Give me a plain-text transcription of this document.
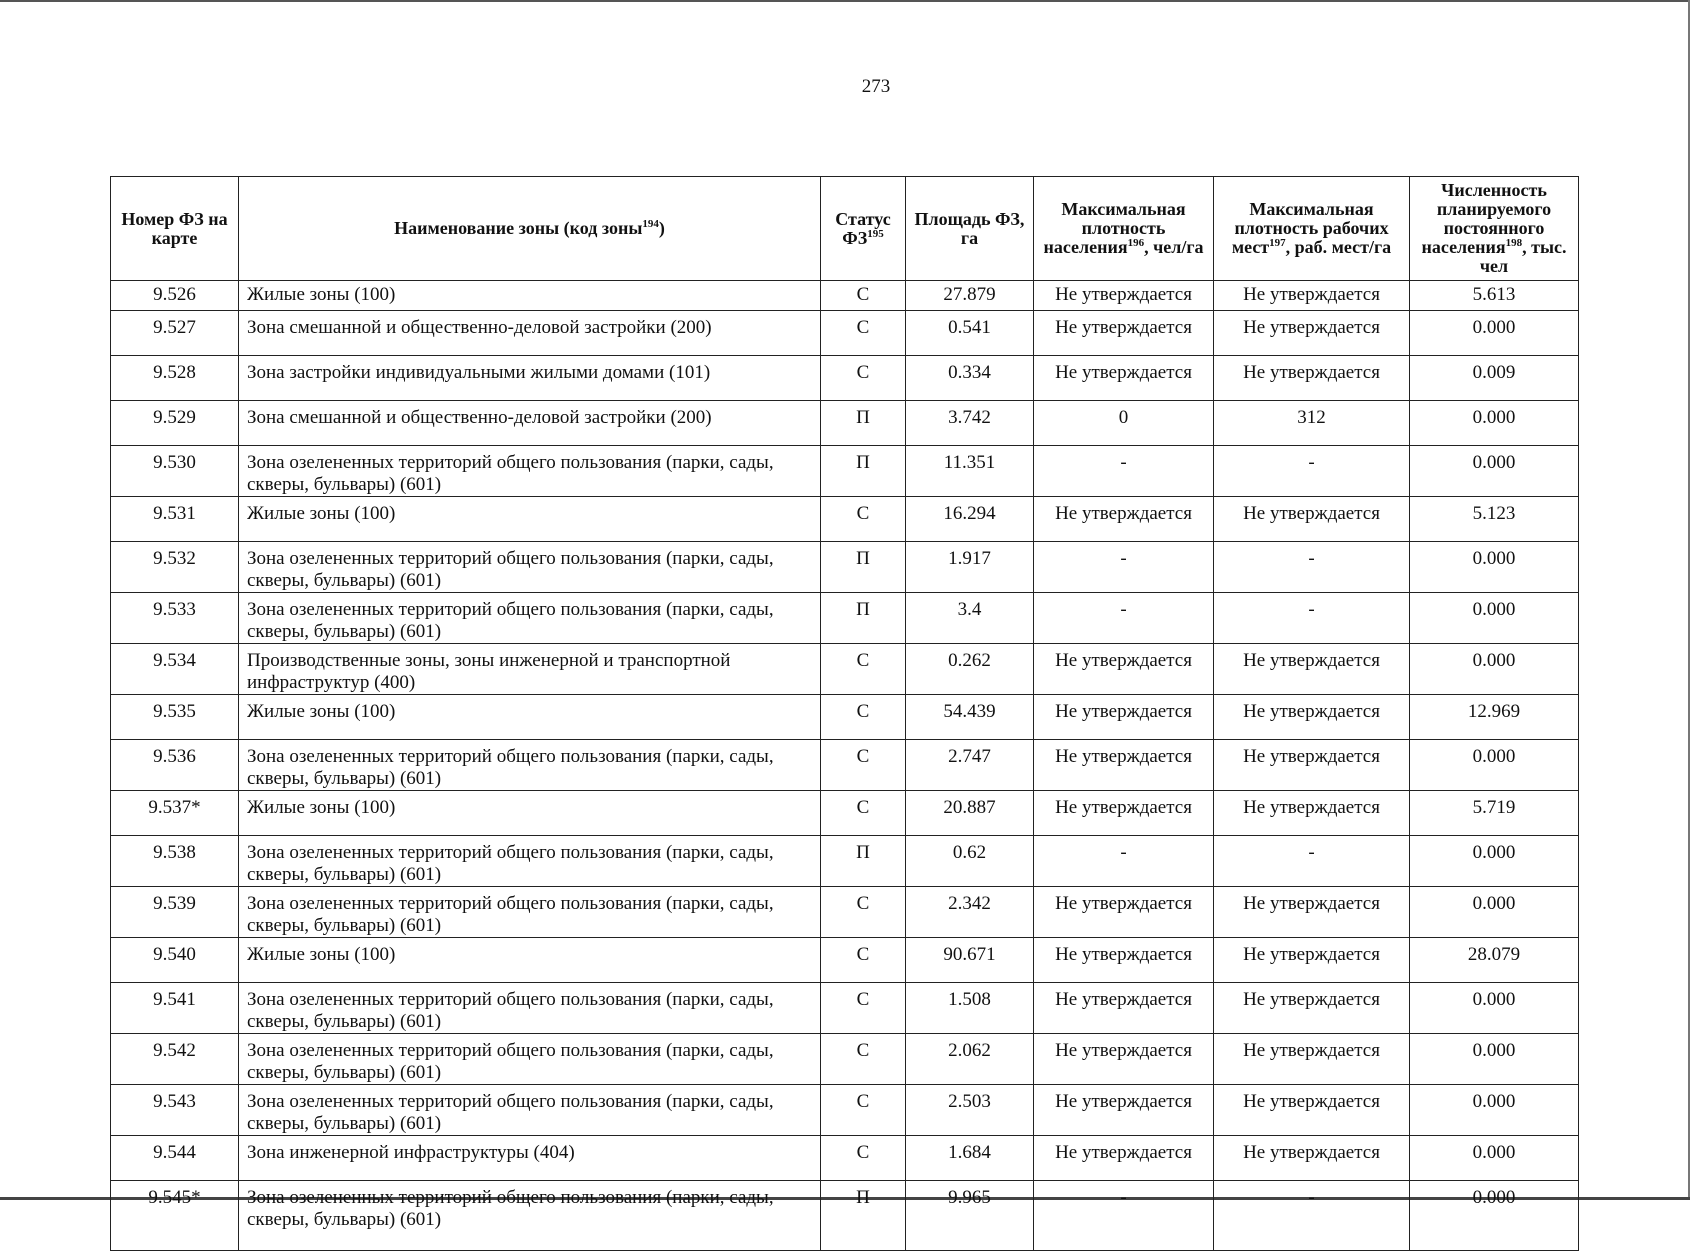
273
Номер ФЗ на карте	Наименование зоны (код зоны$^{194}$)	Статус ФЗ$^{195}$	Площадь ФЗ, га	Максимальная плотность населения$^{196}$, чел/га	Максимальная плотность рабочих мест$^{197}$, раб. мест/га	Численность планируемого постоянного населения$^{198}$, тыс. чел
9.526	Жилые зоны (100)	С	27.879	Не утверждается	Не утверждается	5.613
9.527	Зона смешанной и общественно-деловой застройки (200)	С	0.541	Не утверждается	Не утверждается	0.000
9.528	Зона застройки индивидуальными жилыми домами (101)	С	0.334	Не утверждается	Не утверждается	0.009
9.529	Зона смешанной и общественно-деловой застройки (200)	П	3.742	0	312	0.000
9.530	Зона озелененных территорий общего пользования (парки, сады, скверы, бульвары) (601)	П	11.351	-	-	0.000
9.531	Жилые зоны (100)	С	16.294	Не утверждается	Не утверждается	5.123
9.532	Зона озелененных территорий общего пользования (парки, сады, скверы, бульвары) (601)	П	1.917	-	-	0.000
9.533	Зона озелененных территорий общего пользования (парки, сады, скверы, бульвары) (601)	П	3.4	-	-	0.000
9.534	Производственные зоны, зоны инженерной и транспортной инфраструктур (400)	С	0.262	Не утверждается	Не утверждается	0.000
9.535	Жилые зоны (100)	С	54.439	Не утверждается	Не утверждается	12.969
9.536	Зона озелененных территорий общего пользования (парки, сады, скверы, бульвары) (601)	С	2.747	Не утверждается	Не утверждается	0.000
9.537*	Жилые зоны (100)	С	20.887	Не утверждается	Не утверждается	5.719
9.538	Зона озелененных территорий общего пользования (парки, сады, скверы, бульвары) (601)	П	0.62	-	-	0.000
9.539	Зона озелененных территорий общего пользования (парки, сады, скверы, бульвары) (601)	С	2.342	Не утверждается	Не утверждается	0.000
9.540	Жилые зоны (100)	С	90.671	Не утверждается	Не утверждается	28.079
9.541	Зона озелененных территорий общего пользования (парки, сады, скверы, бульвары) (601)	С	1.508	Не утверждается	Не утверждается	0.000
9.542	Зона озелененных территорий общего пользования (парки, сады, скверы, бульвары) (601)	С	2.062	Не утверждается	Не утверждается	0.000
9.543	Зона озелененных территорий общего пользования (парки, сады, скверы, бульвары) (601)	С	2.503	Не утверждается	Не утверждается	0.000
9.544	Зона инженерной инфраструктуры (404)	С	1.684	Не утверждается	Не утверждается	0.000
9.545*	Зона озелененных территорий общего пользования (парки, сады, скверы, бульвары) (601)	П	9.965	-	-	0.000
